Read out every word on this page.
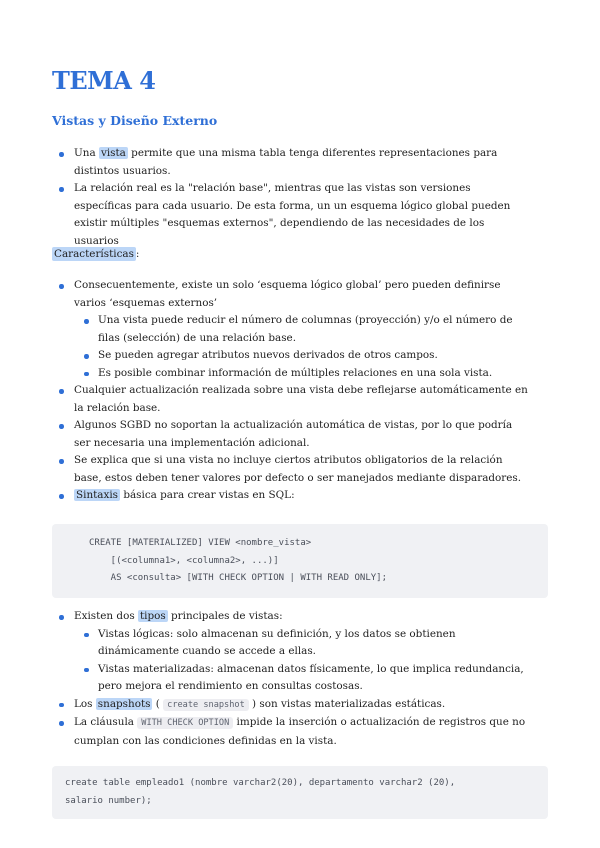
TEMA 4
Vistas y Diseño Externo
Una vista permite que una misma tabla tenga diferentes representaciones para distintos usuarios.
La relación real es la "relación base", mientras que las vistas son versiones específicas para cada usuario. De esta forma, un un esquema lógico global pueden existir múltiples "esquemas externos", dependiendo de las necesidades de los usuarios
Características :
Consecuentemente, existe un solo ‘esquema lógico global’ pero pueden definirse varios ‘esquemas externos’
Una vista puede reducir el número de columnas (proyección) y/o el número de filas (selección) de una relación base.
Se pueden agregar atributos nuevos derivados de otros campos.
Es posible combinar información de múltiples relaciones en una sola vista.
Cualquier actualización realizada sobre una vista debe reflejarse automáticamente en la relación base.
Algunos SGBD no soportan la actualización automática de vistas, por lo que podría ser necesaria una implementación adicional.
Se explica que si una vista no incluye ciertos atributos obligatorios de la relación base, estos deben tener valores por defecto o ser manejados mediante disparadores.
Sintaxis básica para crear vistas en SQL:
CREATE [MATERIALIZED] VIEW <nombre_vista>
[(<columna1>, <columna2>, ...)]
AS <consulta> [WITH CHECK OPTION | WITH READ ONLY];
Existen dos tipos principales de vistas:
Vistas lógicas: solo almacenan su definición, y los datos se obtienen dinámicamente cuando se accede a ellas.
Vistas materializadas: almacenan datos físicamente, lo que implica redundancia, pero mejora el rendimiento en consultas costosas.
Los snapshots ( create snapshot ) son vistas materializadas estáticas.
La cláusula WITH CHECK OPTION impide la inserción o actualización de registros que no cumplan con las condiciones definidas en la vista.
create table empleado1 (nombre varchar2(20), departamento varchar2 (20),
salario number);
